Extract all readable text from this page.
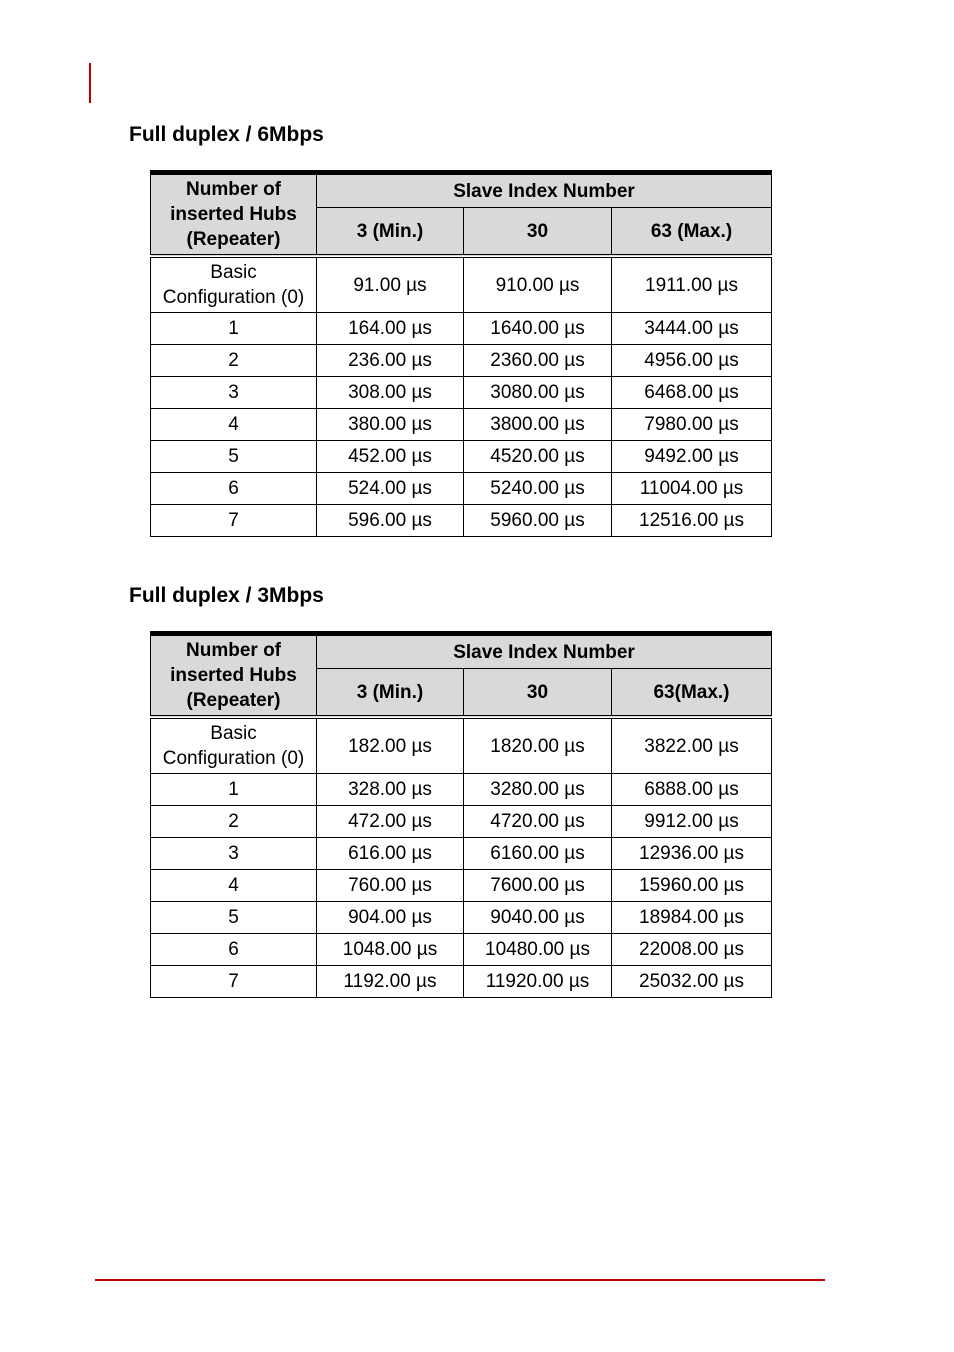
Full duplex / 6Mbps
Number of inserted Hubs (Repeater)	Slave Index Number		
	3 (Min.)	30	63 (Max.)
Basic Configuration (0)	91.00 µs	910.00 µs	1911.00 µs
1	164.00 µs	1640.00 µs	3444.00 µs
2	236.00 µs	2360.00 µs	4956.00 µs
3	308.00 µs	3080.00 µs	6468.00 µs
4	380.00 µs	3800.00 µs	7980.00 µs
5	452.00 µs	4520.00 µs	9492.00 µs
6	524.00 µs	5240.00 µs	11004.00 µs
7	596.00 µs	5960.00 µs	12516.00 µs
Full duplex / 3Mbps
Number of inserted Hubs (Repeater)	Slave Index Number		
	3 (Min.)	30	63(Max.)
Basic Configuration (0)	182.00 µs	1820.00 µs	3822.00 µs
1	328.00 µs	3280.00 µs	6888.00 µs
2	472.00 µs	4720.00 µs	9912.00 µs
3	616.00 µs	6160.00 µs	12936.00 µs
4	760.00 µs	7600.00 µs	15960.00 µs
5	904.00 µs	9040.00 µs	18984.00 µs
6	1048.00 µs	10480.00 µs	22008.00 µs
7	1192.00 µs	11920.00 µs	25032.00 µs
